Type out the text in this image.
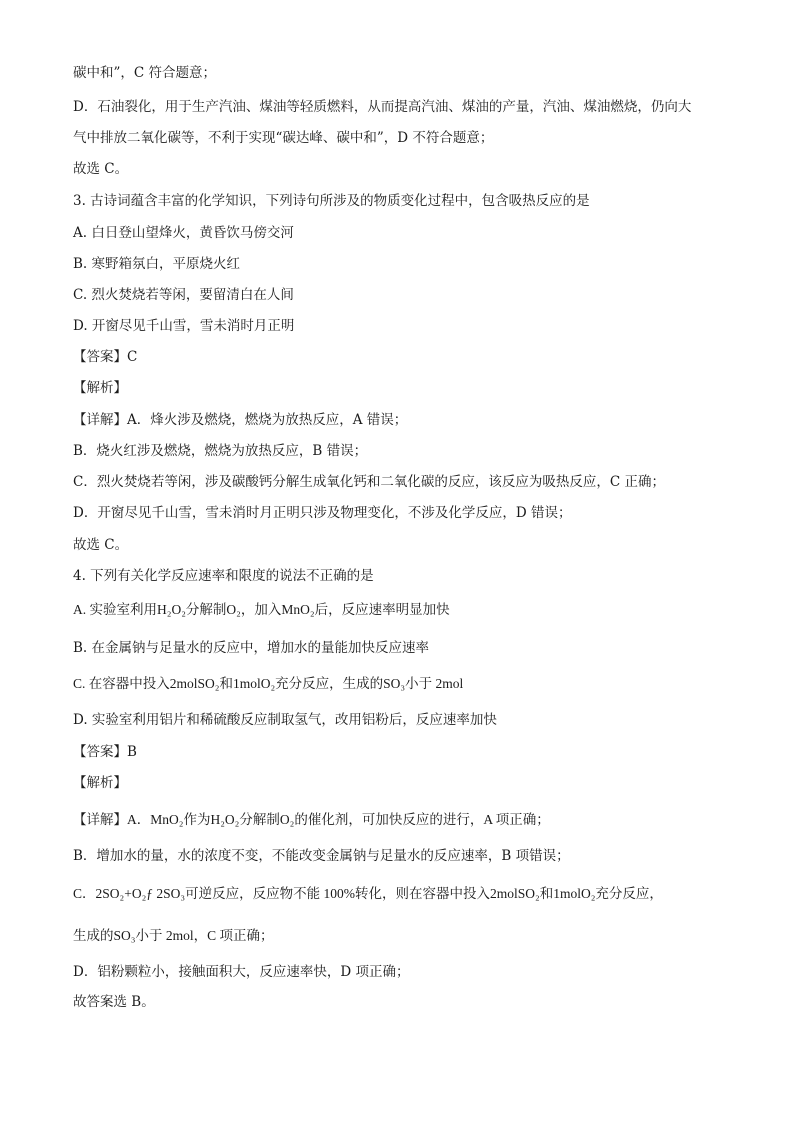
碳中和”，C 符合题意；
D．石油裂化，用于生产汽油、煤油等轻质燃料，从而提高汽油、煤油的产量，汽油、煤油燃烧，仍向大
气中排放二氧化碳等，不利于实现“碳达峰、碳中和”，D 不符合题意；
故选 C。
3. 古诗词蕴含丰富的化学知识，下列诗句所涉及的物质变化过程中，包含吸热反应的是
A. 白日登山望烽火，黄昏饮马傍交河
B. 寒野箱氛白，平原烧火红
C. 烈火焚烧若等闲，要留清白在人间
D. 开窗尽见千山雪，雪未消时月正明
【答案】C
【解析】
【详解】A．烽火涉及燃烧，燃烧为放热反应，A 错误；
B．烧火红涉及燃烧，燃烧为放热反应，B 错误；
C．烈火焚烧若等闲，涉及碳酸钙分解生成氧化钙和二氧化碳的反应，该反应为吸热反应，C 正确；
D．开窗尽见千山雪，雪未消时月正明只涉及物理变化，不涉及化学反应，D 错误；
故选 C。
4. 下列有关化学反应速率和限度的说法不正确的是
A. 实验室利用H₂O₂分解制O₂，加入MnO₂后，反应速率明显加快
B. 在金属钠与足量水的反应中，增加水的量能加快反应速率
C. 在容器中投入2molSO₂和1molO₂充分反应，生成的SO₃小于 2mol
D. 实验室利用铝片和稀硫酸反应制取氢气，改用铝粉后，反应速率加快
【答案】B
【解析】
【详解】A．MnO₂作为H₂O₂分解制O₂的催化剂，可加快反应的进行，A 项正确；
B．增加水的量，水的浓度不变，不能改变金属钠与足量水的反应速率，B 项错误；
C．2SO₂+O₂ƒ 2SO₃可逆反应，反应物不能 100%转化，则在容器中投入2molSO₂和1molO₂充分反应，
生成的SO₃小于 2mol，C 项正确；
D．铝粉颗粒小，接触面积大，反应速率快，D 项正确；
故答案选 B。
